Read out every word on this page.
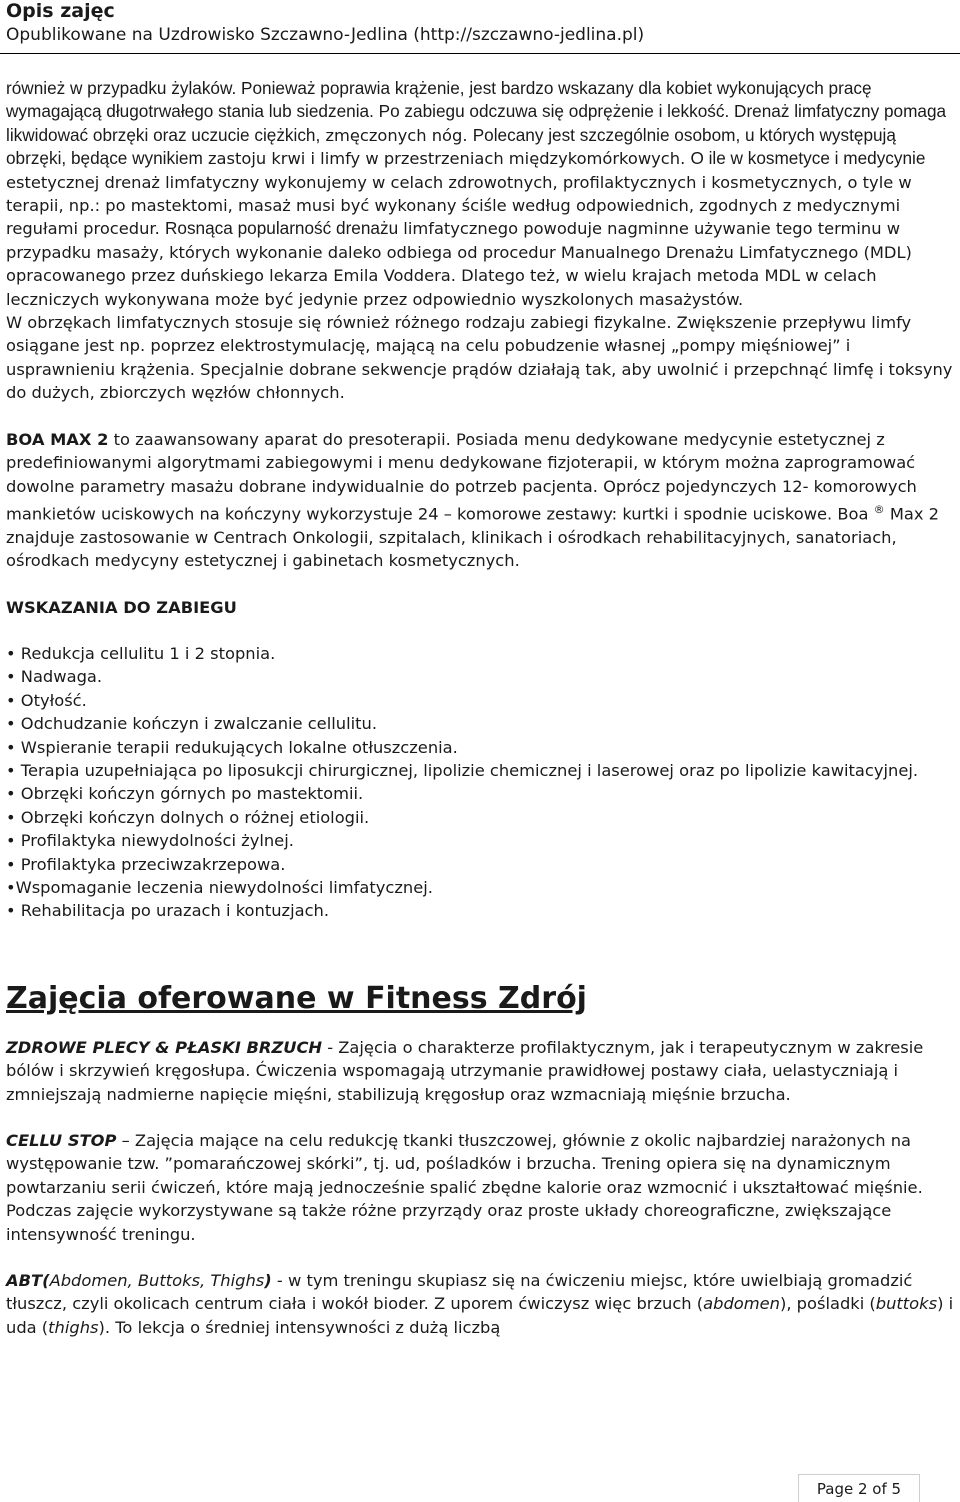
Opis zajęc

Opublikowane na Uzdrowisko Szczawno-Jedlina (http://szczawno-jedlina.pl)

również w przypadku żylaków. Ponieważ poprawia krążenie, jest bardzo wskazany dla kobiet wykonujących pracę wymagającą długotrwałego stania lub siedzenia. Po zabiegu odczuwa się odprężenie i lekkość. Drenaż limfatyczny pomaga likwidować obrzęki oraz uczucie ciężkich, zmęczonych nóg. Polecany jest szczególnie osobom, u których występują obrzęki, będące wynikiem zastoju krwi i limfy w przestrzeniach międzykomórkowych. O ile w kosmetyce i medycynie estetycznej drenaż limfatyczny wykonujemy w celach zdrowotnych, profilaktycznych i kosmetycznych, o tyle w terapii, np.: po mastektomi, masaż musi być wykonany ściśle według odpowiednich, zgodnych z medycznymi regułami procedur. Rosnąca popularność drenażu limfatycznego powoduje nagminne używanie tego terminu w przypadku masaży, których wykonanie daleko odbiega od procedur Manualnego Drenażu Limfatycznego (MDL) opracowanego przez duńskiego lekarza Emila Voddera. Dlatego też, w wielu krajach metoda MDL w celach leczniczych wykonywana może być jedynie przez odpowiednio wyszkolonych masażystów.

W obrzękach limfatycznych stosuje się również różnego rodzaju zabiegi fizykalne. Zwiększenie przepływu limfy osiągane jest np. poprzez elektrostymulację, mającą na celu pobudzenie własnej „pompy mięśniowej” i usprawnieniu krążenia. Specjalnie dobrane sekwencje prądów działają tak, aby uwolnić i przepchnąć limfę i toksyny do dużych, zbiorczych węzłów chłonnych.

BOA MAX 2 to zaawansowany aparat do presoterapii. Posiada menu dedykowane medycynie estetycznej z predefiniowanymi algorytmami zabiegowymi i menu dedykowane fizjoterapii, w którym można zaprogramować dowolne parametry masażu dobrane indywidualnie do potrzeb pacjenta. Oprócz pojedynczych 12- komorowych mankietów uciskowych na kończyny wykorzystuje 24 – komorowe zestawy: kurtki i spodnie uciskowe. Boa ® Max 2 znajduje zastosowanie w Centrach Onkologii, szpitalach, klinikach i ośrodkach rehabilitacyjnych, sanatoriach, ośrodkach medycyny estetycznej i gabinetach kosmetycznych.

WSKAZANIA DO ZABIEGU

• Redukcja cellulitu 1 i 2 stopnia.
• Nadwaga.
• Otyłość.
• Odchudzanie kończyn i zwalczanie cellulitu.
• Wspieranie terapii redukujących lokalne otłuszczenia.
• Terapia uzupełniająca po liposukcji chirurgicznej, lipolizie chemicznej i laserowej oraz po lipolizie kawitacyjnej.
• Obrzęki kończyn górnych po mastektomii.
• Obrzęki kończyn dolnych o różnej etiologii.
• Profilaktyka niewydolności żylnej.
• Profilaktyka przeciwzakrzepowa.
•Wspomaganie leczenia niewydolności limfatycznej.
• Rehabilitacja po urazach i kontuzjach.

Zajęcia oferowane w Fitness Zdrój

ZDROWE PLECY & PŁASKI BRZUCH - Zajęcia o charakterze profilaktycznym, jak i terapeutycznym w zakresie bólów i skrzywień kręgosłupa. Ćwiczenia wspomagają utrzymanie prawidłowej postawy ciała, uelastyczniają i zmniejszają nadmierne napięcie mięśni, stabilizują kręgosłup oraz wzmacniają mięśnie brzucha.

CELLU STOP – Zajęcia mające na celu redukcję tkanki tłuszczowej, głównie z okolic najbardziej narażonych na występowanie tzw. ”pomarańczowej skórki”, tj. ud, pośladków i brzucha. Trening opiera się na dynamicznym powtarzaniu serii ćwiczeń, które mają jednocześnie spalić zbędne kalorie oraz wzmocnić i ukształtować mięśnie. Podczas zajęcie wykorzystywane są także różne przyrządy oraz proste układy choreograficzne, zwiększające intensywność treningu.

ABT(Abdomen, Buttoks, Thighs) - w tym treningu skupiasz się na ćwiczeniu miejsc, które uwielbiają gromadzić tłuszcz, czyli okolicach centrum ciała i wokół bioder. Z uporem ćwiczysz więc brzuch (abdomen), pośladki (buttoks) i uda (thighs). To lekcja o średniej intensywności z dużą liczbą

Page 2 of 5
